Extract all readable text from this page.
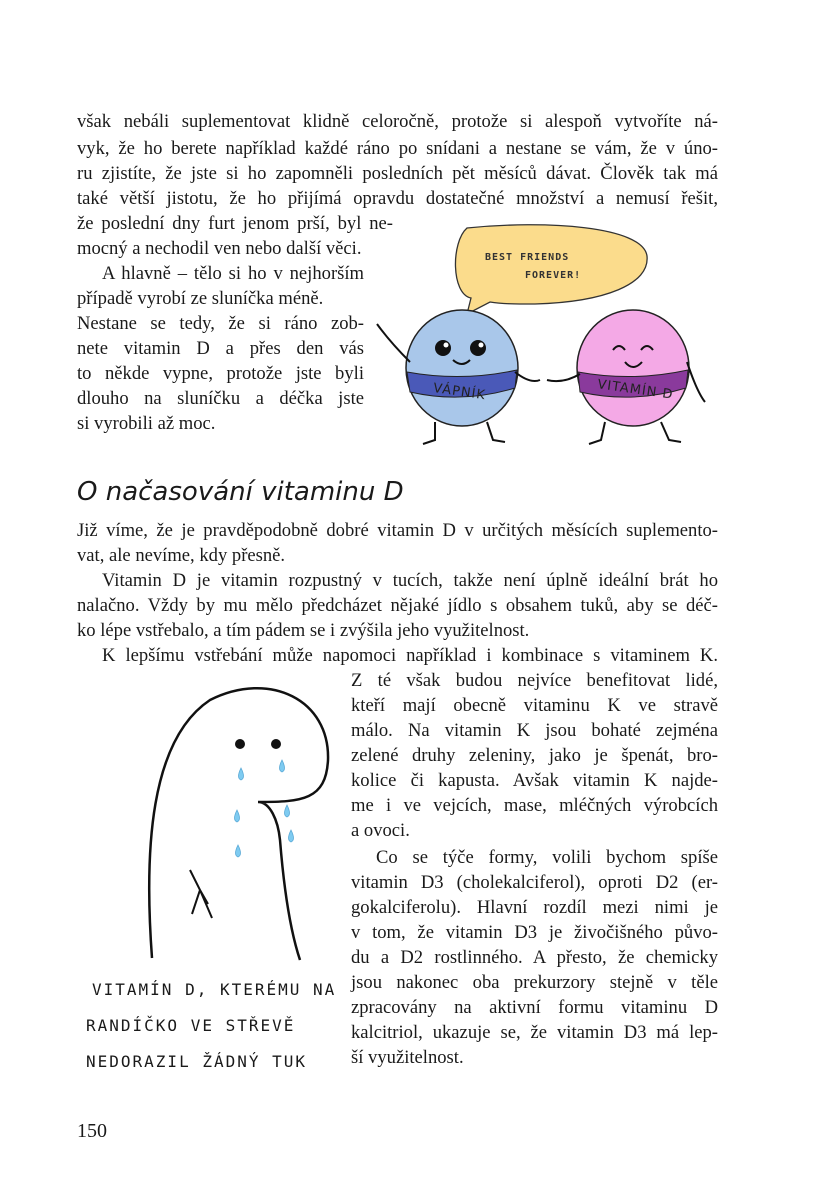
však nebáli suplementovat klidně celoročně, protože si alespoň vytvoříte ná-
vyk, že ho berete například každé ráno po snídani a nestane se vám, že v úno-
ru zjistíte, že jste si ho zapomněli posledních pět měsíců dávat. Člověk tak má
také větší jistotu, že ho přijímá opravdu dostatečné množství a nemusí řešit,
že poslední dny furt jenom prší, byl ne-
mocný a nechodil ven nebo další věci.
A hlavně – tělo si ho v nejhorším
případě vyrobí ze sluníčka méně.
Nestane se tedy, že si ráno zob-
nete vitamin D a přes den vás
to někde vypne, protože jste byli
dlouho na sluníčku a déčka jste
si vyrobili až moc.
BEST FRIENDS
FOREVER!
VÁPNÍK	VITAMÍN D
O načasování vitaminu D
Již víme, že je pravděpodobně dobré vitamin D v určitých měsících suplemento-
vat, ale nevíme, kdy přesně.
Vitamin D je vitamin rozpustný v tucích, takže není úplně ideální brát ho
nalačno. Vždy by mu mělo předcházet nějaké jídlo s obsahem tuků, aby se déč-
ko lépe vstřebalo, a tím pádem se i zvýšila jeho využitelnost.
K lepšímu vstřebání může napomoci například i kombinace s vitaminem K.
Z té však budou nejvíce benefitovat lidé,
kteří mají obecně vitaminu K ve stravě
málo. Na vitamin K jsou bohaté zejména
zelené druhy zeleniny, jako je špenát, bro-
kolice či kapusta. Avšak vitamin K najde-
me i ve vejcích, mase, mléčných výrobcích
a ovoci.
Co se týče formy, volili bychom spíše
vitamin D3 (cholekalciferol), oproti D2 (er-
gokalciferolu). Hlavní rozdíl mezi nimi je
v tom, že vitamin D3 je živočišného půvo-
du a D2 rostlinného. A přesto, že chemicky
jsou nakonec oba prekurzory stejně v těle
zpracovány na aktivní formu vitaminu D
kalcitriol, ukazuje se, že vitamin D3 má lep-
ší využitelnost.
VITAMÍN D, KTERÉMU NA
RANDÍČKO VE STŘEVĚ
NEDORAZIL ŽÁDNÝ TUK
150
